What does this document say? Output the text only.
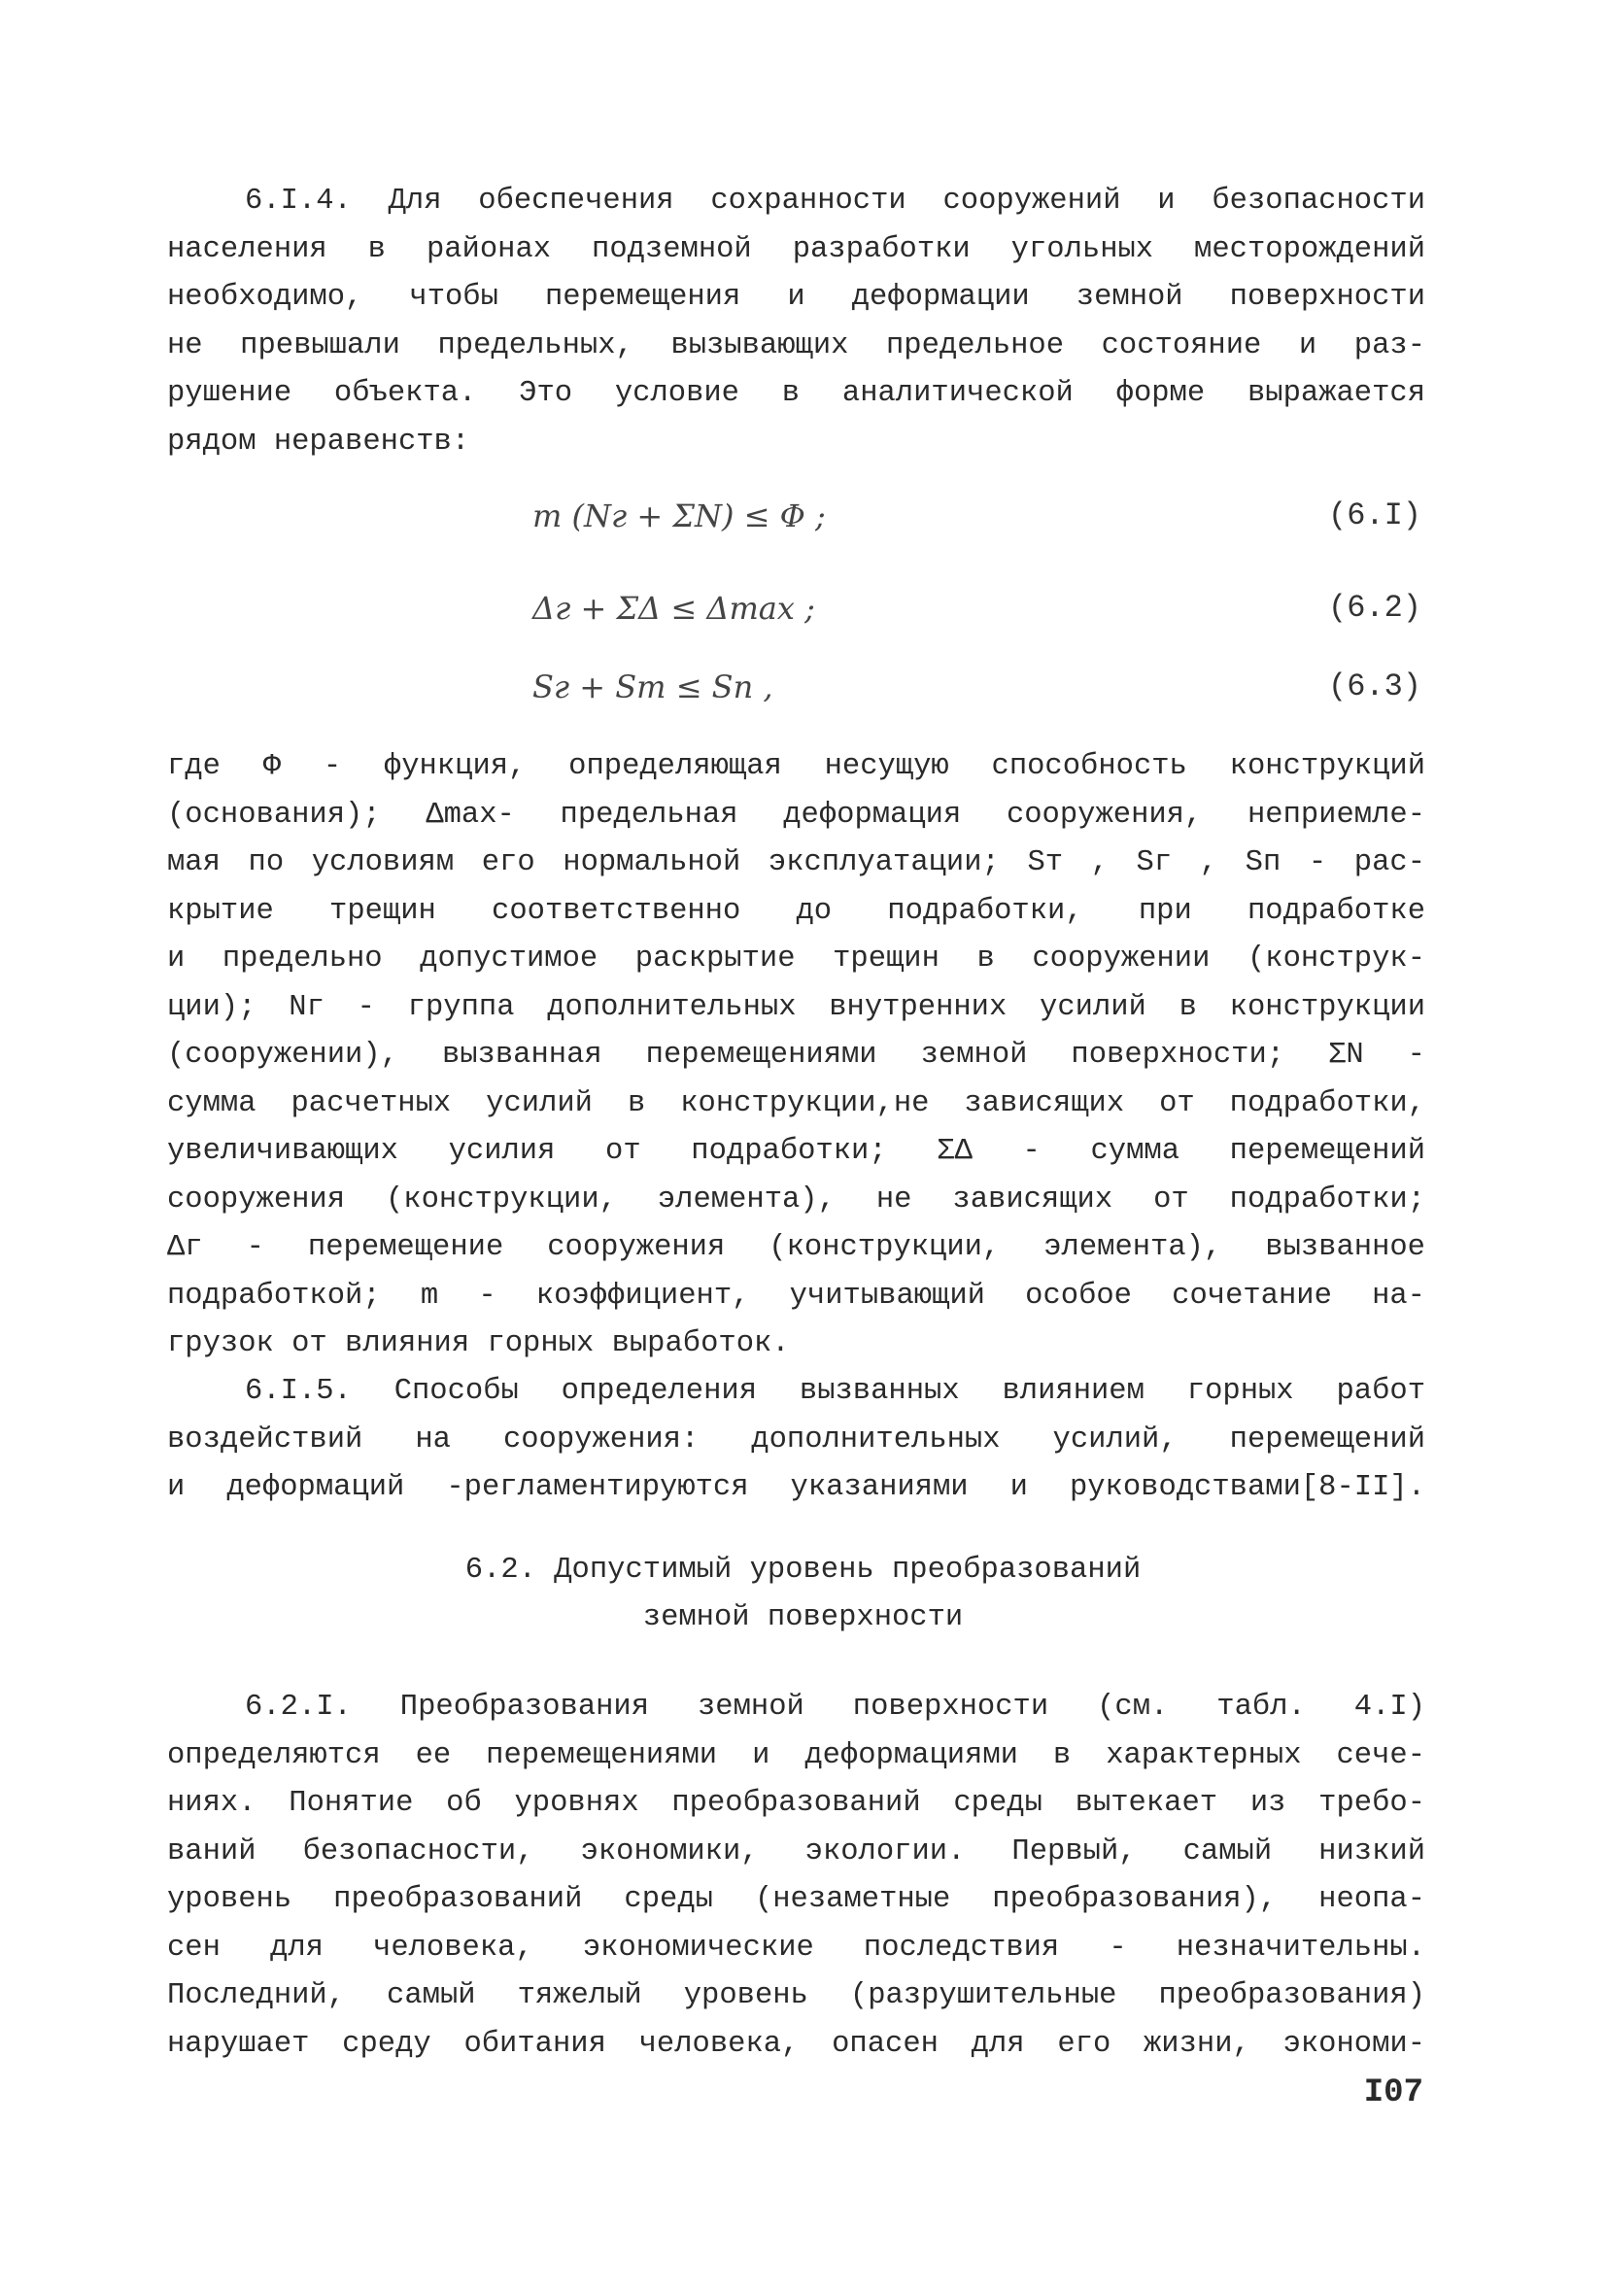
6.I.4. Для обеспечения сохранности сооружений и безопасности
населения в районах подземной разработки угольных месторождений
необходимо, чтобы перемещения и деформации земной поверхности
не превышали предельных, вызывающих предельное состояние и раз-
рушение объекта. Это условие в аналитической форме выражается
рядом неравенств:
m (Nг + ΣN) ≤ Φ ;	(6.I)
Δг + ΣΔ ≤ Δmax ;	(6.2)
Sг + Sт ≤ Sп ,	(6.3)
где Φ - функция, определяющая несущую способность конструкций
(основания); Δmax- предельная деформация сооружения, неприемле-
мая по условиям его нормальной эксплуатации; Sт , Sг , Sп - рас-
крытие трещин соответственно до подработки, при подработке
и предельно допустимое раскрытие трещин в сооружении (конструк-
ции); Nг - группа дополнительных внутренних усилий в конструкции
(сооружении), вызванная перемещениями земной поверхности; ΣN -
сумма расчетных усилий в конструкции,не зависящих от подработки,
увеличивающих усилия от подработки; ΣΔ - сумма перемещений
сооружения (конструкции, элемента), не зависящих от подработки;
Δг - перемещение сооружения (конструкции, элемента), вызванное
подработкой; m - коэффициент, учитывающий особое сочетание на-
грузок от влияния горных выработок.
6.I.5. Способы определения вызванных влиянием горных работ
воздействий на сооружения: дополнительных усилий, перемещений
и деформаций -регламентируются указаниями и руководствами[8-II].
6.2. Допустимый уровень преобразований
земной поверхности
6.2.I. Преобразования земной поверхности (см. табл. 4.I)
определяются ее перемещениями и деформациями в характерных сече-
ниях. Понятие об уровнях преобразований среды вытекает из требо-
ваний безопасности, экономики, экологии. Первый, самый низкий
уровень преобразований среды (незаметные преобразования), неопа-
сен для человека, экономические последствия - незначительны.
Последний, самый тяжелый уровень (разрушительные преобразования)
нарушает среду обитания человека, опасен для его жизни, экономи-
I07
